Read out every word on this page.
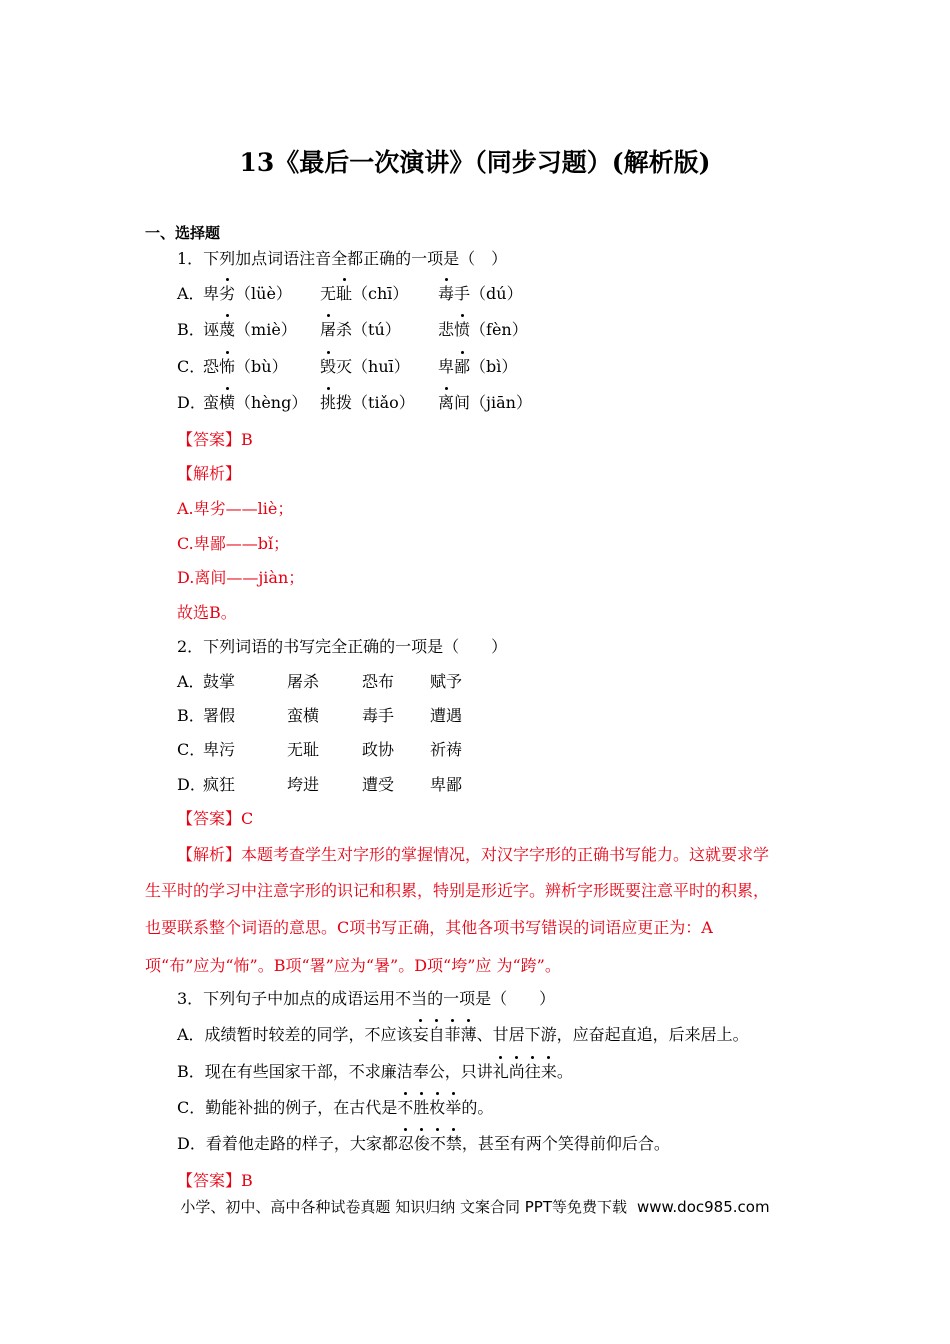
13《最后一次演讲》（同步习题）(解析版)
一、选择题
1．下列加点词语注音全都正确的一项是（　）
A．
卑劣（lüè） 无耻（chī） 毒手（dú）
B．
诬蔑（miè） 屠杀（tú） 悲愤（fèn）
C．
恐怖（bù） 毁灭（huī） 卑鄙（bì）
D．
蛮横（hèng） 挑拨（tiǎo） 离间（jiān）
【答案】B
【解析】
A.卑劣——liè；
C.卑鄙——bǐ；
D.离间——jiàn；
故选B。
2．下列词语的书写完全正确的一项是（　　）
A．
鼓掌	屠杀	恐布 赋予
B．
署假	蛮横	毒手 遭遇
C．
卑污	无耻	政协 祈祷
D．
疯狂	垮进	遭受 卑鄙
【答案】C
【解析】本题考查学生对字形的掌握情况，对汉字字形的正确书写能力。这就要求学
生平时的学习中注意字形的识记和积累，特别是形近字。辨析字形既要注意平时的积累，
也要联系整个词语的意思。C项书写正确，其他各项书写错误的词语应更正为：A
项“布”应为“怖”。B项“署”应为“暑”。D项“垮”应 为“跨”。
3．下列句子中加点的成语运用不当的一项是（　　）
A．成绩暂时较差的同学，不应该妄自菲薄、甘居下游，应奋起直追，后来居上。
B．现在有些国家干部，不求廉洁奉公，只讲礼尚往来。
C．勤能补拙的例子，在古代是不胜枚举的。
D．看着他走路的样子，大家都忍俊不禁，甚至有两个笑得前仰后合。
【答案】B
小学、初中、高中各种试卷真题 知识归纳 文案合同 PPT等免费下载 www.doc985.com
